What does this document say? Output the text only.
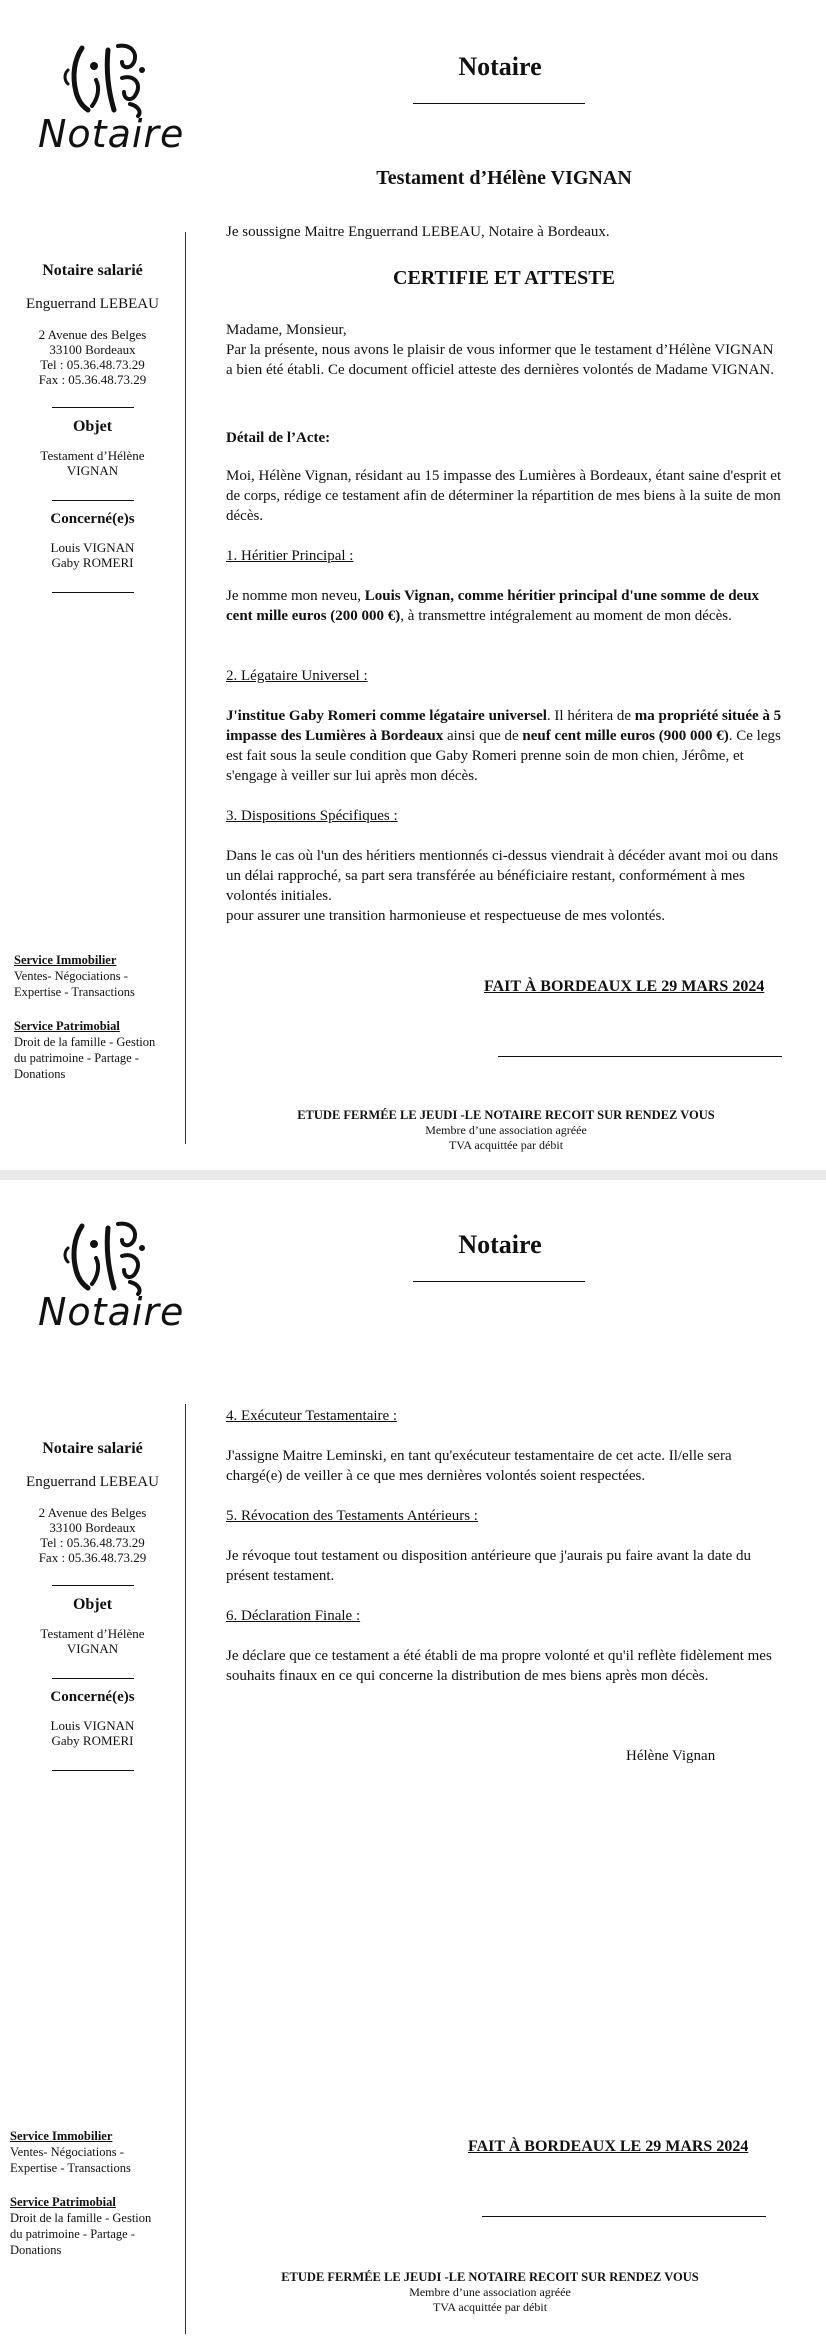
Notaire
Notaire
Testament d’Hélène VIGNAN
Notaire salarié
Enguerrand LEBEAU
2 Avenue des Belges
33100 Bordeaux
Tel : 05.36.48.73.29
Fax : 05.36.48.73.29
Objet
Testament d’Hélène
VIGNAN
Concerné(e)s
Louis VIGNAN
Gaby ROMERI
Service Immobilier
Ventes- Négociations -
Expertise - Transactions
Service Patrimobial
Droit de la famille - Gestion
du patrimoine - Partage -
Donations
Je soussigne Maitre Enguerrand LEBEAU, Notaire à Bordeaux.
CERTIFIE ET ATTESTE
Madame, Monsieur,
Par la présente, nous avons le plaisir de vous informer que le testament d’Hélène VIGNAN a bien été établi. Ce document officiel atteste des dernières volontés de Madame VIGNAN.
Détail de l’Acte:
Moi, Hélène Vignan, résidant au 15 impasse des Lumières à Bordeaux, étant saine d'esprit et de corps, rédige ce testament afin de déterminer la répartition de mes biens à la suite de mon décès.
1. Héritier Principal :
Je nomme mon neveu, Louis Vignan, comme héritier principal d'une somme de deux cent mille euros (200 000 €), à transmettre intégralement au moment de mon décès.
2. Légataire Universel :
J'institue Gaby Romeri comme légataire universel. Il héritera de ma propriété située à 5 impasse des Lumières à Bordeaux ainsi que de neuf cent mille euros (900 000 €). Ce legs est fait sous la seule condition que Gaby Romeri prenne soin de mon chien, Jérôme, et s'engage à veiller sur lui après mon décès.
3. Dispositions Spécifiques :
Dans le cas où l'un des héritiers mentionnés ci-dessus viendrait à décéder avant moi ou dans un délai rapproché, sa part sera transférée au bénéficiaire restant, conformément à mes volontés initiales.
pour assurer une transition harmonieuse et respectueuse de mes volontés.
FAIT À BORDEAUX LE 29 MARS 2024
ETUDE FERMÉE LE JEUDI -LE NOTAIRE RECOIT SUR RENDEZ VOUS
Membre d’une association agréée
TVA acquittée par débit
Notaire
Notaire
Notaire salarié
Enguerrand LEBEAU
2 Avenue des Belges
33100 Bordeaux
Tel : 05.36.48.73.29
Fax : 05.36.48.73.29
Objet
Testament d’Hélène
VIGNAN
Concerné(e)s
Louis VIGNAN
Gaby ROMERI
Service Immobilier
Ventes- Négociations -
Expertise - Transactions
Service Patrimobial
Droit de la famille - Gestion
du patrimoine - Partage -
Donations
4. Exécuteur Testamentaire :
J'assigne Maitre Leminski, en tant qu'exécuteur testamentaire de cet acte. Il/elle sera chargé(e) de veiller à ce que mes dernières volontés soient respectées.
5. Révocation des Testaments Antérieurs :
Je révoque tout testament ou disposition antérieure que j'aurais pu faire avant la date du présent testament.
6. Déclaration Finale :
Je déclare que ce testament a été établi de ma propre volonté et qu'il reflète fidèlement mes souhaits finaux en ce qui concerne la distribution de mes biens après mon décès.
Hélène Vignan
FAIT À BORDEAUX LE 29 MARS 2024
ETUDE FERMÉE LE JEUDI -LE NOTAIRE RECOIT SUR RENDEZ VOUS
Membre d’une association agréée
TVA acquittée par débit
